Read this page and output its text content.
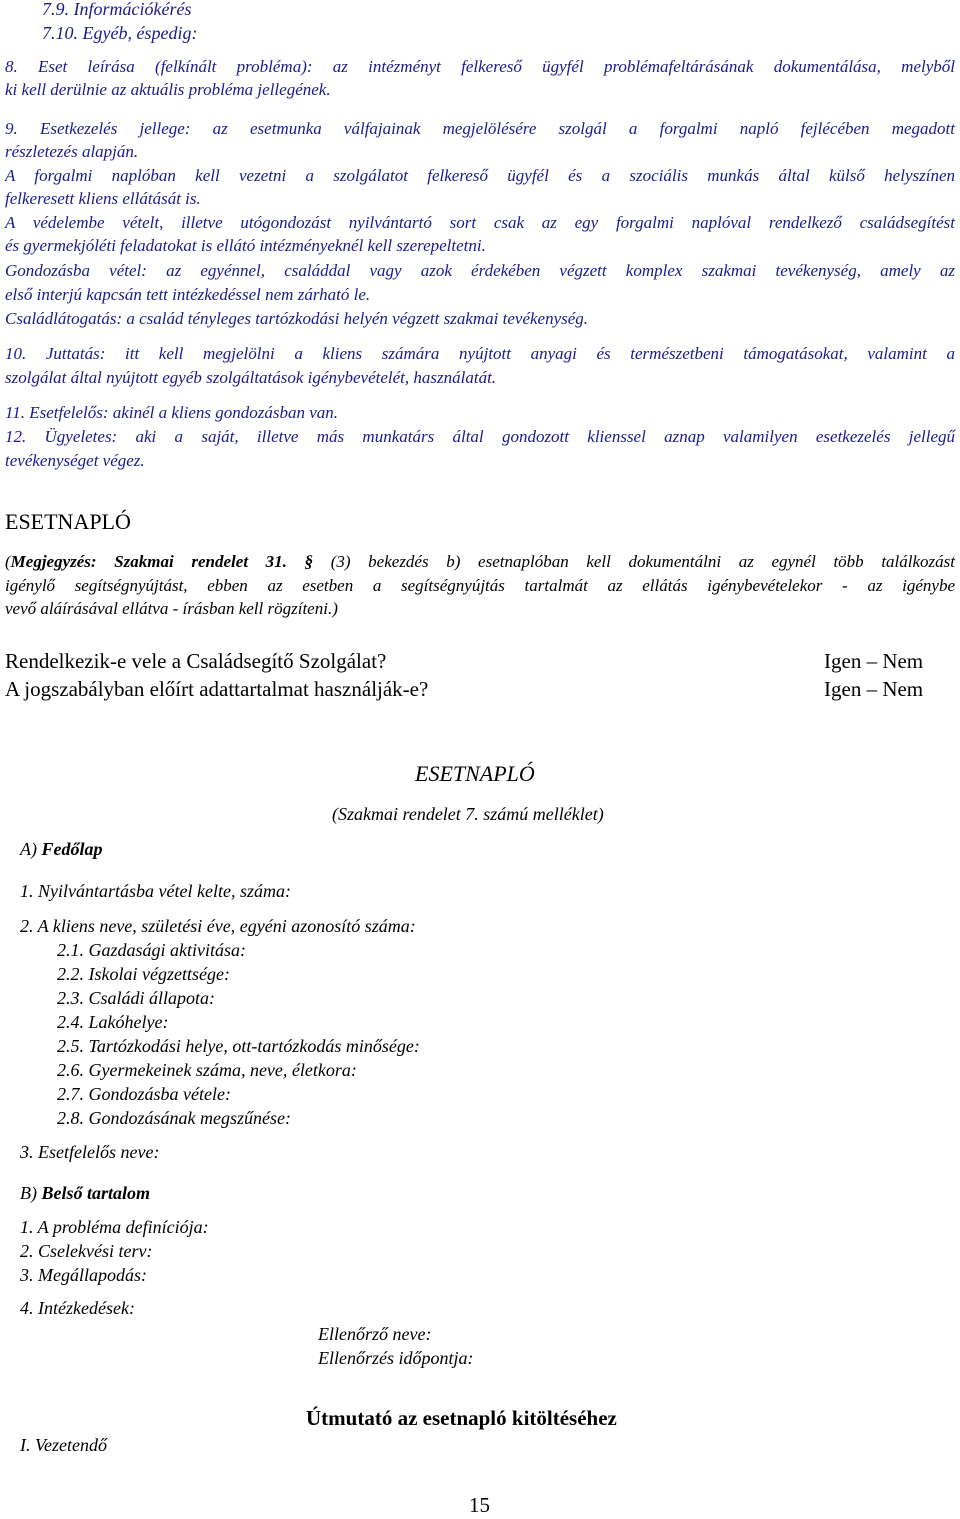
7.9. Információkérés
7.10. Egyéb, éspedig:
8. Eset leírása (felkínált probléma): az intézményt felkereső ügyfél problémafeltárásának dokumentálása, melyből
ki kell derülnie az aktuális probléma jellegének.
9. Esetkezelés jellege: az esetmunka válfajainak megjelölésére szolgál a forgalmi napló fejlécében megadott
részletezés alapján.
A forgalmi naplóban kell vezetni a szolgálatot felkereső ügyfél és a szociális munkás által külső helyszínen
felkeresett kliens ellátását is.
A védelembe vételt, illetve utógondozást nyilvántartó sort csak az egy forgalmi naplóval rendelkező családsegítést
és gyermekjóléti feladatokat is ellátó intézményeknél kell szerepeltetni.
Gondozásba vétel: az egyénnel, családdal vagy azok érdekében végzett komplex szakmai tevékenység, amely az
első interjú kapcsán tett intézkedéssel nem zárható le.
Családlátogatás: a család tényleges tartózkodási helyén végzett szakmai tevékenység.
10. Juttatás: itt kell megjelölni a kliens számára nyújtott anyagi és természetbeni támogatásokat, valamint a
szolgálat által nyújtott egyéb szolgáltatások igénybevételét, használatát.
11. Esetfelelős: akinél a kliens gondozásban van.
12. Ügyeletes: aki a saját, illetve más munkatárs által gondozott klienssel aznap valamilyen esetkezelés jellegű
tevékenységet végez.
ESETNAPLÓ
(Megjegyzés: Szakmai rendelet 31. § (3) bekezdés b) esetnaplóban kell dokumentálni az egynél több találkozást
igénylő segítségnyújtást, ebben az esetben a segítségnyújtás tartalmát az ellátás igénybevételekor - az igénybe
vevő aláírásával ellátva - írásban kell rögzíteni.)
Rendelkezik-e vele a Családsegítő Szolgálat?	Igen – Nem
A jogszabályban előírt adattartalmat használják-e?	Igen – Nem
ESETNAPLÓ
(Szakmai rendelet 7. számú melléklet)
A) Fedőlap
1. Nyilvántartásba vétel kelte, száma:
2. A kliens neve, születési éve, egyéni azonosító száma:
2.1. Gazdasági aktivitása:
2.2. Iskolai végzettsége:
2.3. Családi állapota:
2.4. Lakóhelye:
2.5. Tartózkodási helye, ott-tartózkodás minősége:
2.6. Gyermekeinek száma, neve, életkora:
2.7. Gondozásba vétele:
2.8. Gondozásának megszűnése:
3. Esetfelelős neve:
B) Belső tartalom
1. A probléma definíciója:
2. Cselekvési terv:
3. Megállapodás:
4. Intézkedések:
Ellenőrző neve:
Ellenőrzés időpontja:
Útmutató az esetnapló kitöltéséhez
I. Vezetendő
15
